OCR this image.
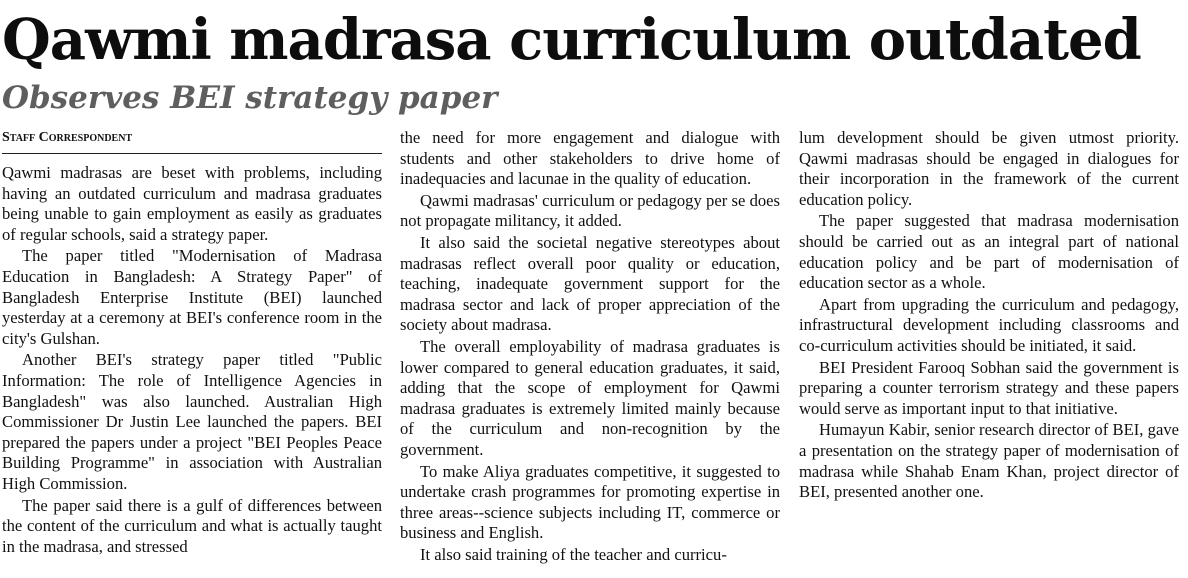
Qawmi madrasa curriculum outdated
Observes BEI strategy paper
Staff Correspondent

Qawmi madrasas are beset with problems, including having an outdated curriculum and madrasa graduates being unable to gain employment as easily as graduates of regular schools, said a strategy paper.

The paper titled "Modernisation of Madrasa Education in Bangladesh: A Strategy Paper" of Bangladesh Enterprise Institute (BEI) launched yesterday at a ceremony at BEI's conference room in the city's Gulshan.

Another BEI's strategy paper titled "Public Information: The role of Intelligence Agencies in Bangladesh" was also launched. Australian High Commissioner Dr Justin Lee launched the papers. BEI prepared the papers under a project "BEI Peoples Peace Building Programme" in association with Australian High Commission.

The paper said there is a gulf of differences between the content of the curriculum and what is actually taught in the madrasa, and stressed

the need for more engagement and dialogue with students and other stakeholders to drive home of inadequacies and lacunae in the quality of education.

Qawmi madrasas' curriculum or pedagogy per se does not propagate militancy, it added.

It also said the societal negative stereotypes about madrasas reflect overall poor quality or education, teaching, inadequate government support for the madrasa sector and lack of proper appreciation of the society about madrasa.

The overall employability of madrasa graduates is lower compared to general education graduates, it said, adding that the scope of employment for Qawmi madrasa graduates is extremely limited mainly because of the curriculum and non-recognition by the government.

To make Aliya graduates competitive, it suggested to undertake crash programmes for promoting expertise in three areas--science subjects including IT, commerce or business and English.

It also said training of the teacher and curricu-

lum development should be given utmost priority. Qawmi madrasas should be engaged in dialogues for their incorporation in the framework of the current education policy.

The paper suggested that madrasa modernisation should be carried out as an integral part of national education policy and be part of modernisation of education sector as a whole.

Apart from upgrading the curriculum and pedagogy, infrastructural development including classrooms and co-curriculum activities should be initiated, it said.

BEI President Farooq Sobhan said the government is preparing a counter terrorism strategy and these papers would serve as important input to that initiative.

Humayun Kabir, senior research director of BEI, gave a presentation on the strategy paper of modernisation of madrasa while Shahab Enam Khan, project director of BEI, presented another one.
